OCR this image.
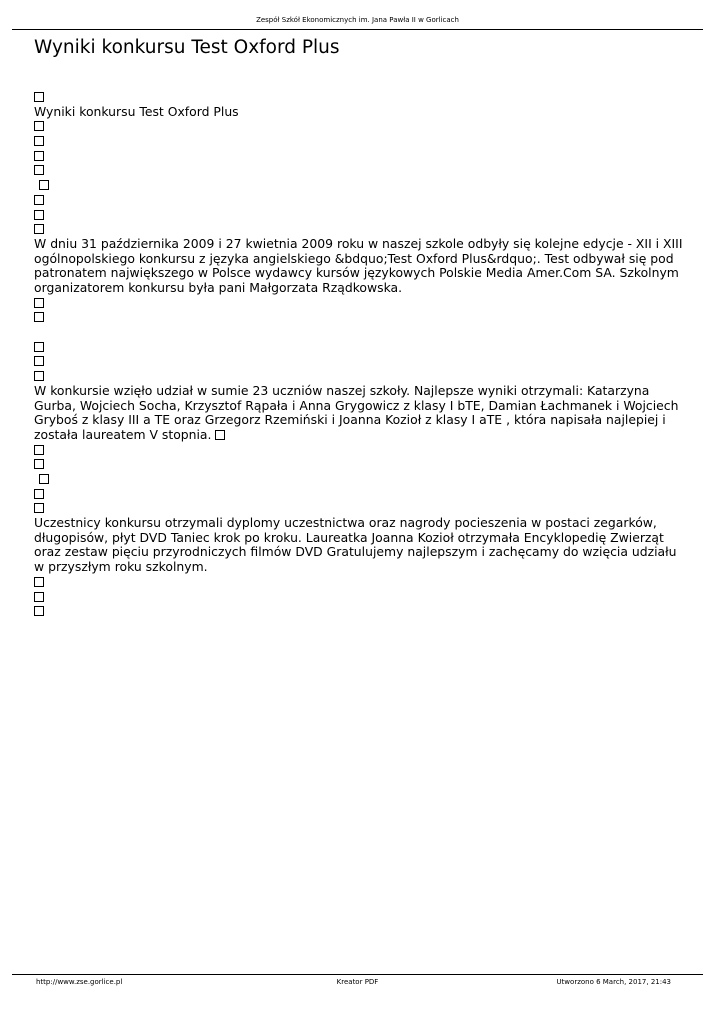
Zespół Szkół Ekonomicznych im. Jana Pawła II w Gorlicach
Wyniki konkursu Test Oxford Plus
Wyniki konkursu Test Oxford Plus

W dniu 31 października 2009 i 27 kwietnia 2009 roku w naszej szkole odbyły się kolejne edycje - XII i XIII ogólnopolskiego konkursu z języka angielskiego &bdquo;Test Oxford Plus&rdquo;. Test odbywał się pod patronatem największego w Polsce wydawcy kursów językowych Polskie Media Amer.Com SA. Szkolnym organizatorem konkursu była pani Małgorzata Rządkowska.

W konkursie wzięło udział w sumie 23 uczniów naszej szkoły. Najlepsze wyniki otrzymali: Katarzyna Gurba, Wojciech Socha, Krzysztof Rąpała i Anna Grygowicz z klasy I bTE, Damian Łachmanek i Wojciech Gryboś z klasy III a TE oraz Grzegorz Rzemiński i Joanna Kozioł z klasy I aTE , która napisała najlepiej i została laureatem V stopnia.

Uczestnicy konkursu otrzymali dyplomy uczestnictwa oraz nagrody pocieszenia w postaci zegarków, długopisów, płyt DVD Taniec krok po kroku. Laureatka Joanna Kozioł otrzymała Encyklopedię Zwierząt oraz zestaw pięciu przyrodniczych filmów DVD Gratulujemy najlepszym i zachęcamy do wzięcia udziału w przyszłym roku szkolnym.

http://www.zse.gorlice.pl	Kreator PDF	Utworzono 6 March, 2017, 21:43
